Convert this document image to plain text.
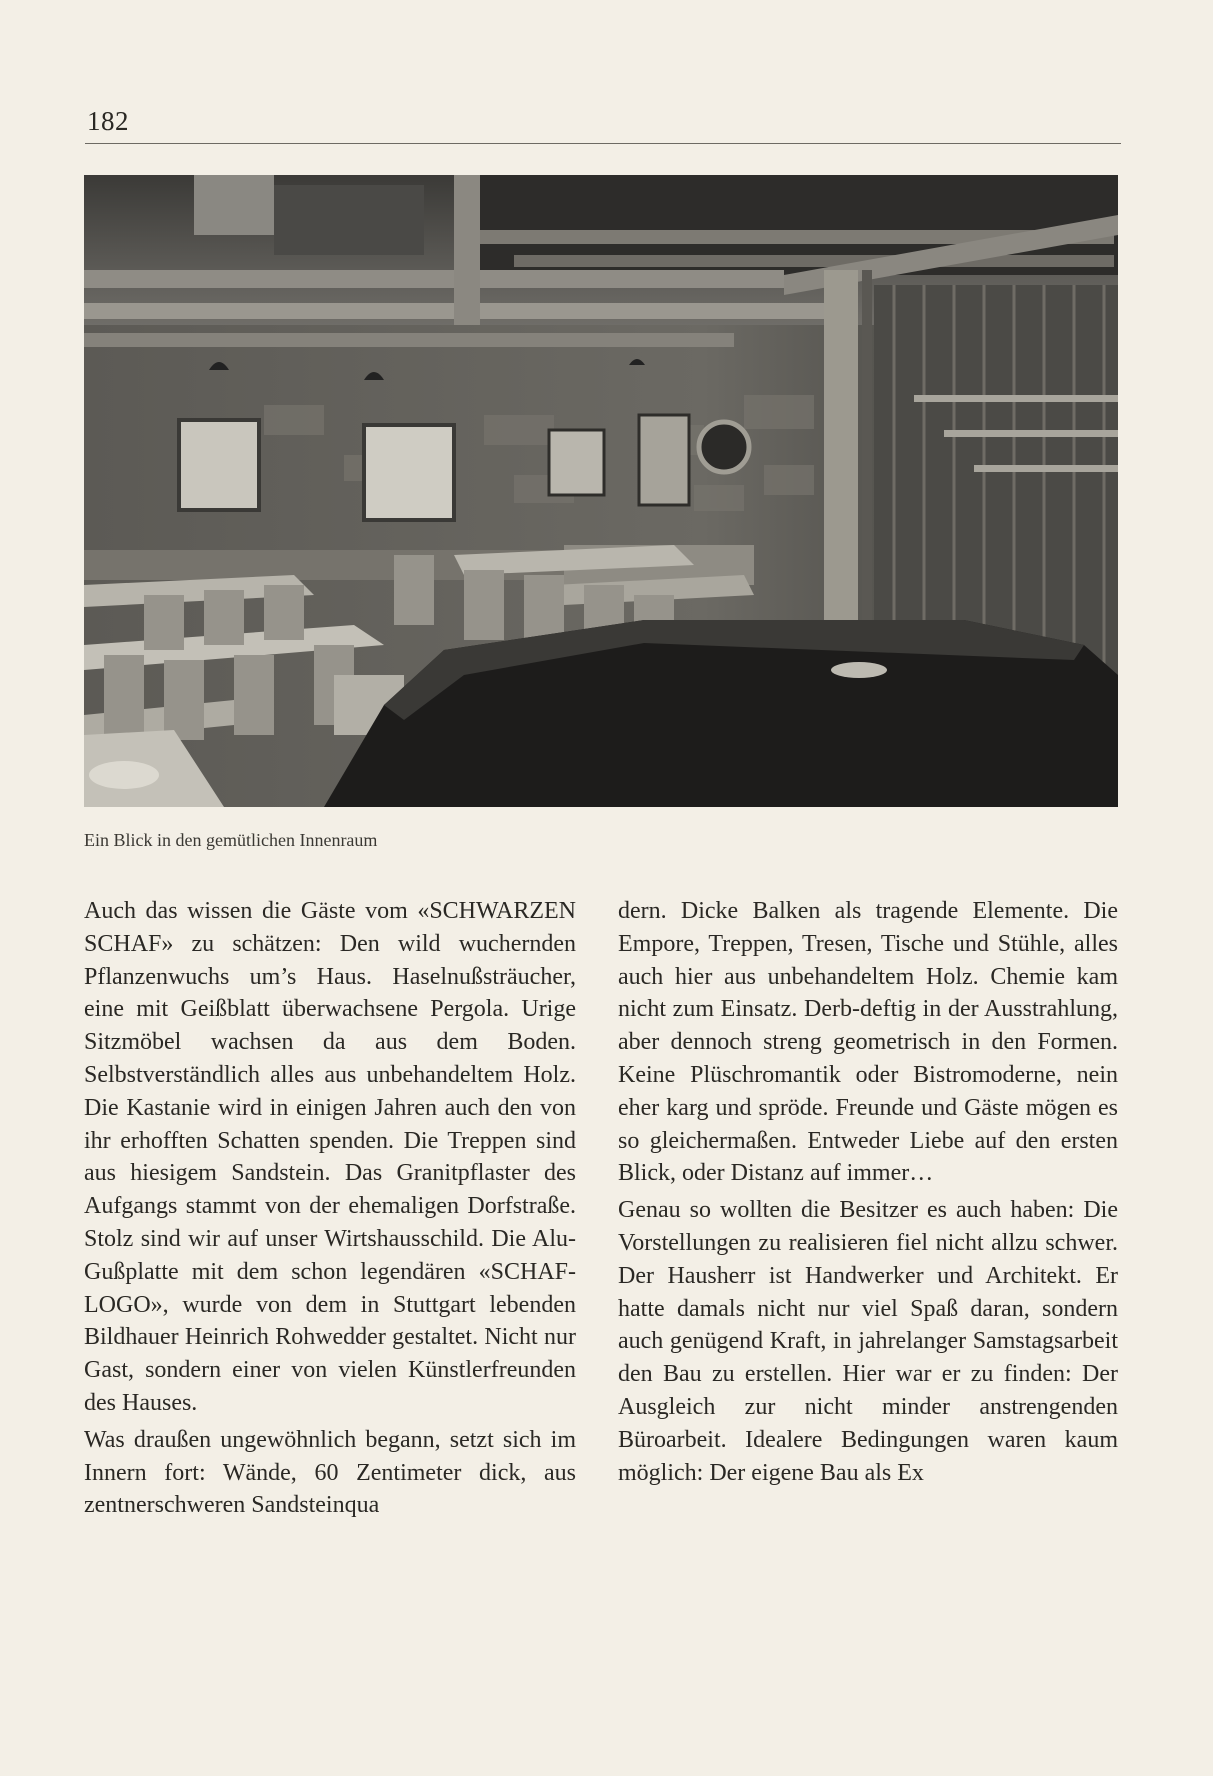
182
Ein Blick in den gemütlichen Innenraum

Auch das wissen die Gäste vom «SCHWARZEN SCHAF» zu schätzen: Den wild wuchernden Pflanzenwuchs um’s Haus. Haselnußsträucher, eine mit Geißblatt überwachsene Pergola. Urige Sitzmöbel wachsen da aus dem Boden. Selbstverständlich alles aus unbehandeltem Holz. Die Kastanie wird in einigen Jahren auch den von ihr erhofften Schatten spenden. Die Treppen sind aus hiesigem Sandstein. Das Granitpflaster des Aufgangs stammt von der ehemaligen Dorfstraße. Stolz sind wir auf unser Wirtshausschild. Die Alu-Gußplatte mit dem schon legendären «SCHAF-LOGO», wurde von dem in Stuttgart lebenden Bildhauer Heinrich Rohwedder gestaltet. Nicht nur Gast, sondern einer von vielen Künstlerfreunden des Hauses.

Was draußen ungewöhnlich begann, setzt sich im Innern fort: Wände, 60 Zentimeter dick, aus zentnerschweren Sandsteinqua

dern. Dicke Balken als tragende Elemente. Die Empore, Treppen, Tresen, Tische und Stühle, alles auch hier aus unbehandeltem Holz. Chemie kam nicht zum Einsatz. Derb-deftig in der Ausstrahlung, aber dennoch streng geometrisch in den Formen. Keine Plüschromantik oder Bistromoderne, nein eher karg und spröde. Freunde und Gäste mögen es so gleichermaßen. Entweder Liebe auf den ersten Blick, oder Distanz auf immer…

Genau so wollten die Besitzer es auch haben: Die Vorstellungen zu realisieren fiel nicht allzu schwer. Der Hausherr ist Handwerker und Architekt. Er hatte damals nicht nur viel Spaß daran, sondern auch genügend Kraft, in jahrelanger Samstagsarbeit den Bau zu erstellen. Hier war er zu finden: Der Ausgleich zur nicht minder anstrengenden Büroarbeit. Idealere Bedingungen waren kaum möglich: Der eigene Bau als Ex
